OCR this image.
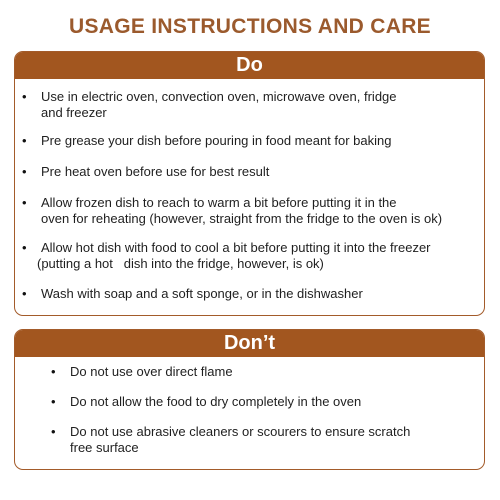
USAGE INSTRUCTIONS AND CARE
Do
• Use in electric oven, convection oven, microwave oven, fridge
and freezer
• Pre grease your dish before pouring in food meant for baking
• Pre heat oven before use for best result
• Allow frozen dish to reach to warm a bit before putting it in the
oven for reheating (however, straight from the fridge to the oven is ok)
•	Allow hot dish with food to cool a bit before putting it into the freezer
(putting a hot   dish into the fridge, however, is ok)
• Wash with soap and a soft sponge, or in the dishwasher
Don’t
• Do not use over direct flame
• Do not allow the food to dry completely in the oven
• Do not use abrasive cleaners or scourers to ensure scratch
free surface
